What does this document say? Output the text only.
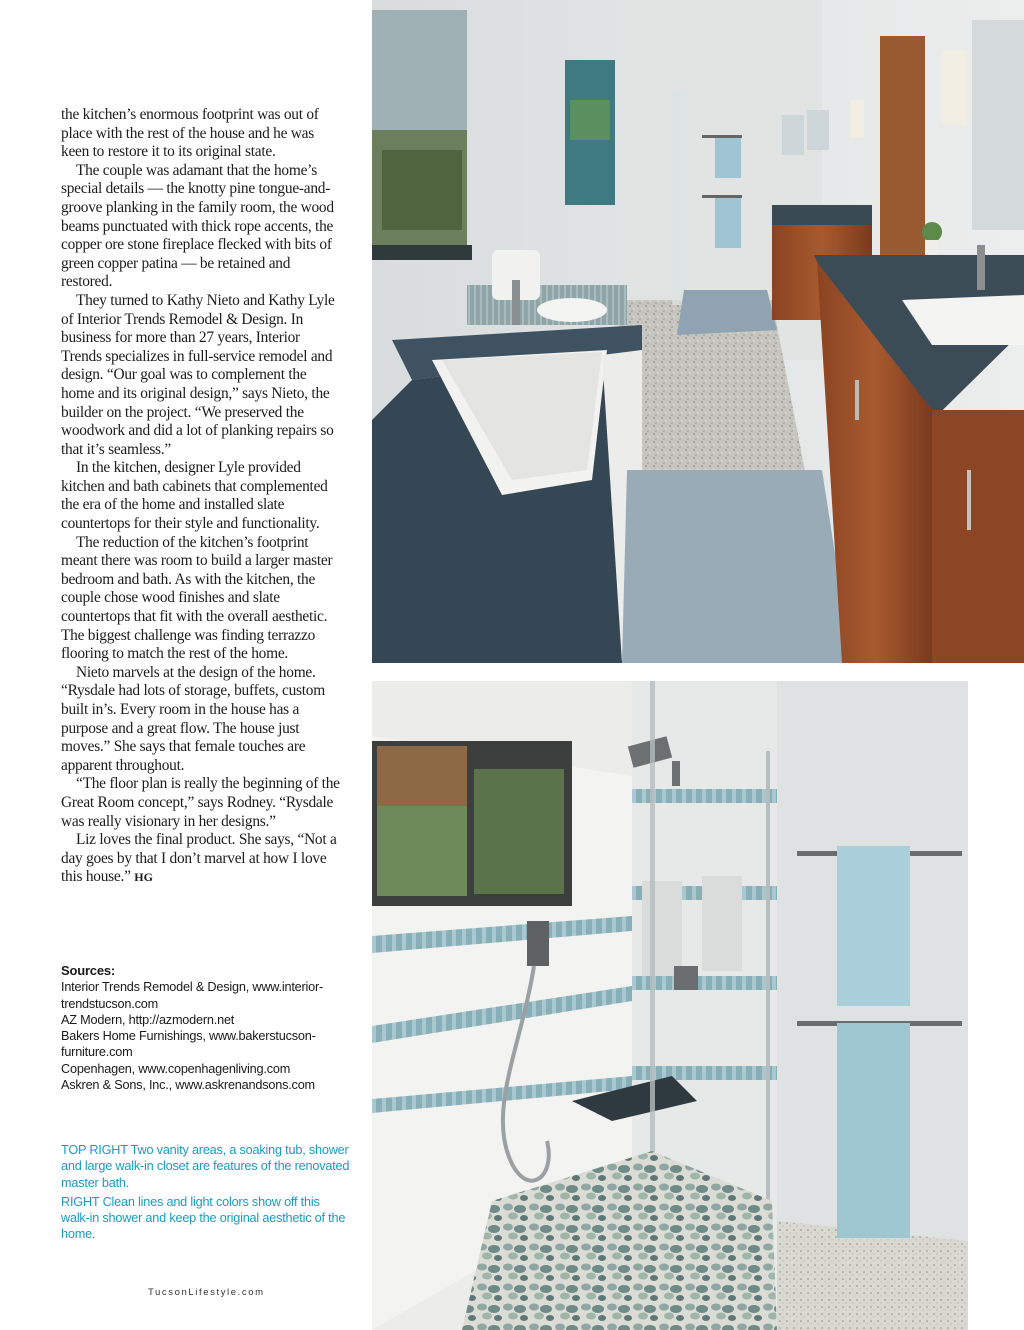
the kitchen’s enormous footprint was out of place with the rest of the house and he was keen to restore it to its original state.

The couple was adamant that the home’s special details — the knotty pine tongue-and-groove planking in the family room, the wood beams punctuated with thick rope accents, the copper ore stone fireplace flecked with bits of green copper patina — be retained and restored.

They turned to Kathy Nieto and Kathy Lyle of Interior Trends Remodel & Design. In business for more than 27 years, Interior Trends specializes in full-service remodel and design. “Our goal was to complement the home and its original design,” says Nieto, the builder on the project. “We preserved the woodwork and did a lot of planking repairs so that it’s seamless.”

In the kitchen, designer Lyle provided kitchen and bath cabinets that complemented the era of the home and installed slate countertops for their style and functionality.

The reduction of the kitchen’s footprint meant there was room to build a larger master bedroom and bath. As with the kitchen, the couple chose wood finishes and slate countertops that fit with the overall aesthetic. The biggest challenge was finding terrazzo flooring to match the rest of the home.

Nieto marvels at the design of the home. “Rysdale had lots of storage, buffets, custom built in’s. Every room in the house has a purpose and a great flow. The house just moves.” She says that female touches are apparent throughout.

“The floor plan is really the beginning of the Great Room concept,” says Rodney. “Rysdale was really visionary in her designs.”

Liz loves the final product. She says, “Not a day goes by that I don’t marvel at how I love this house.” HG

Sources:
Interior Trends Remodel & Design, www.interior-trendstucson.com
AZ Modern, http://azmodern.net
Bakers Home Furnishings, www.bakerstucson-furniture.com
Copenhagen, www.copenhagenliving.com
Askren & Sons, Inc., www.askrenandsons.com
TOP RIGHT Two vanity areas, a soaking tub, shower and large walk-in closet are features of the renovated master bath.
RIGHT Clean lines and light colors show off this walk-in shower and keep the original aesthetic of the home.
TucsonLifestyle.com
